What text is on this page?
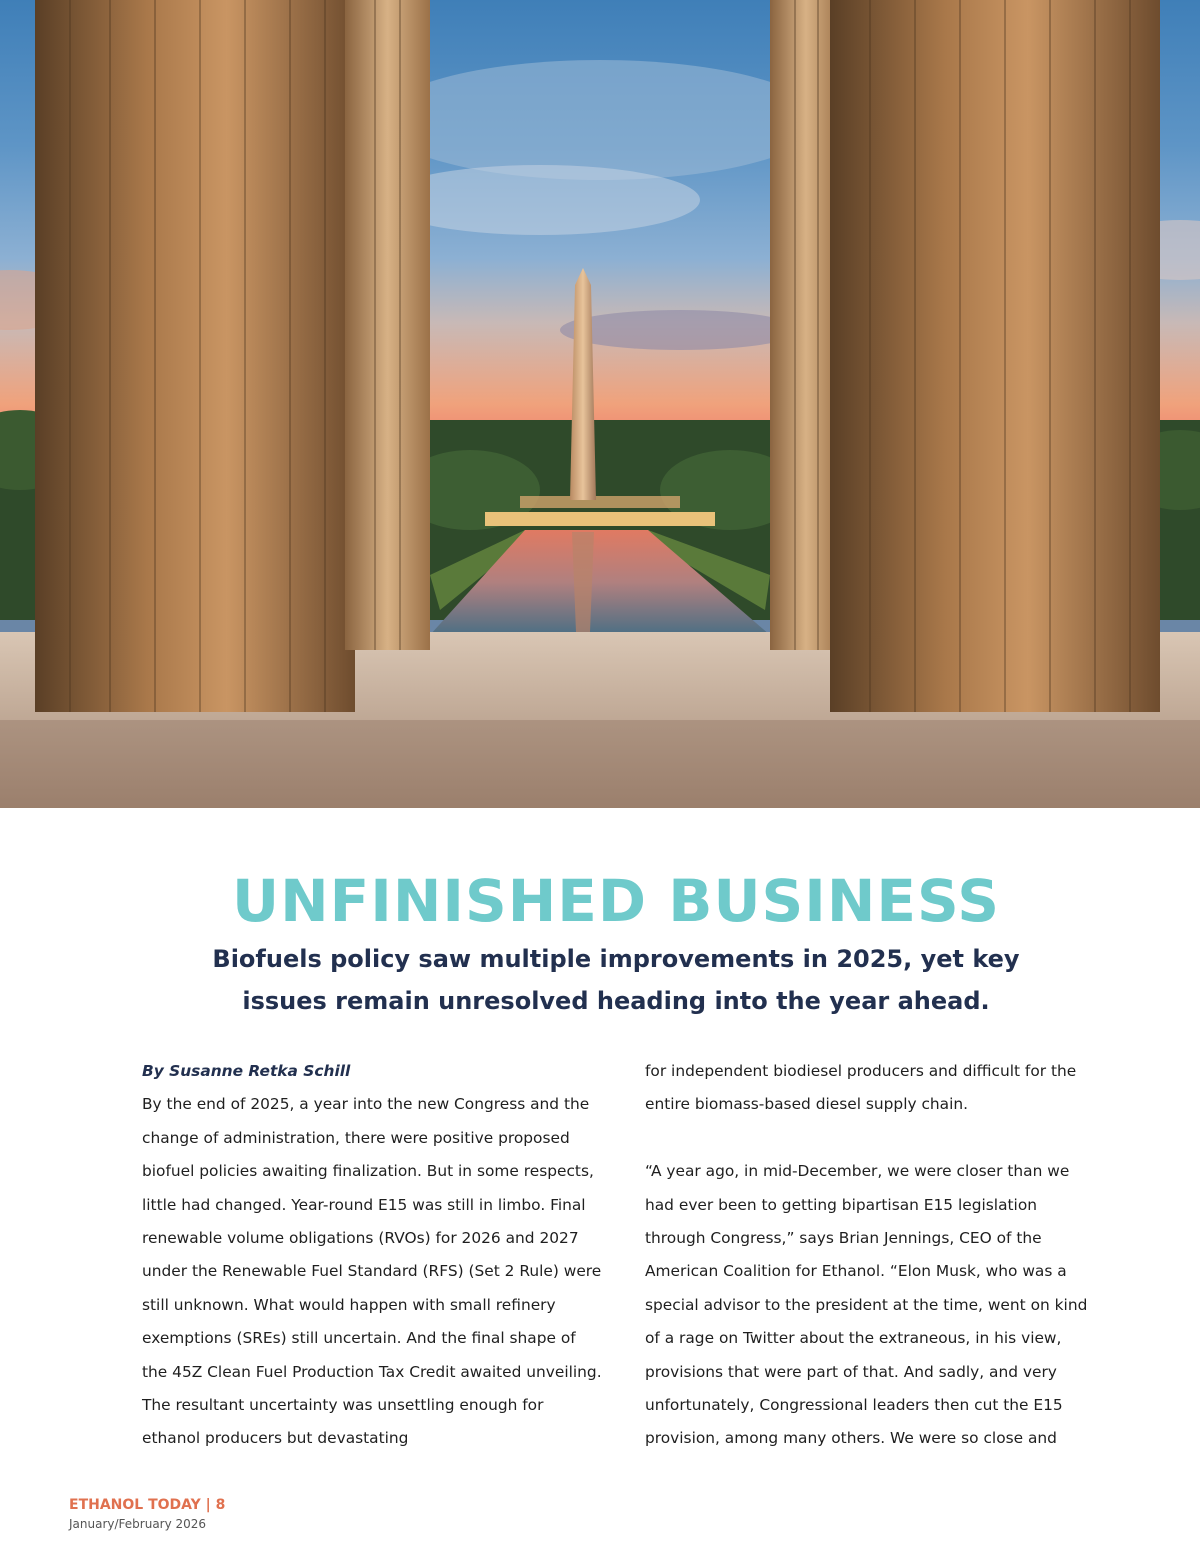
UNFINISHED BUSINESS
Biofuels policy saw multiple improvements in 2025, yet key
issues remain unresolved heading into the year ahead.

By Susanne Retka Schill

By the end of 2025, a year into the new Congress and the change of administration, there were positive proposed biofuel policies awaiting finalization. But in some respects, little had changed. Year-round E15 was still in limbo. Final renewable volume obligations (RVOs) for 2026 and 2027 under the Renewable Fuel Standard (RFS) (Set 2 Rule) were still unknown. What would happen with small refinery exemptions (SREs) still uncertain. And the final shape of the 45Z Clean Fuel Production Tax Credit awaited unveiling. The resultant uncertainty was unsettling enough for ethanol producers but devastating

for independent biodiesel producers and difficult for the entire biomass-based diesel supply chain.

“A year ago, in mid-December, we were closer than we had ever been to getting bipartisan E15 legislation through Congress,” says Brian Jennings, CEO of the American Coalition for Ethanol. “Elon Musk, who was a special advisor to the president at the time, went on kind of a rage on Twitter about the extraneous, in his view, provisions that were part of that. And sadly, and very unfortunately, Congressional leaders then cut the E15 provision, among many others. We were so close and

ETHANOL TODAY | 8
January/February 2026
